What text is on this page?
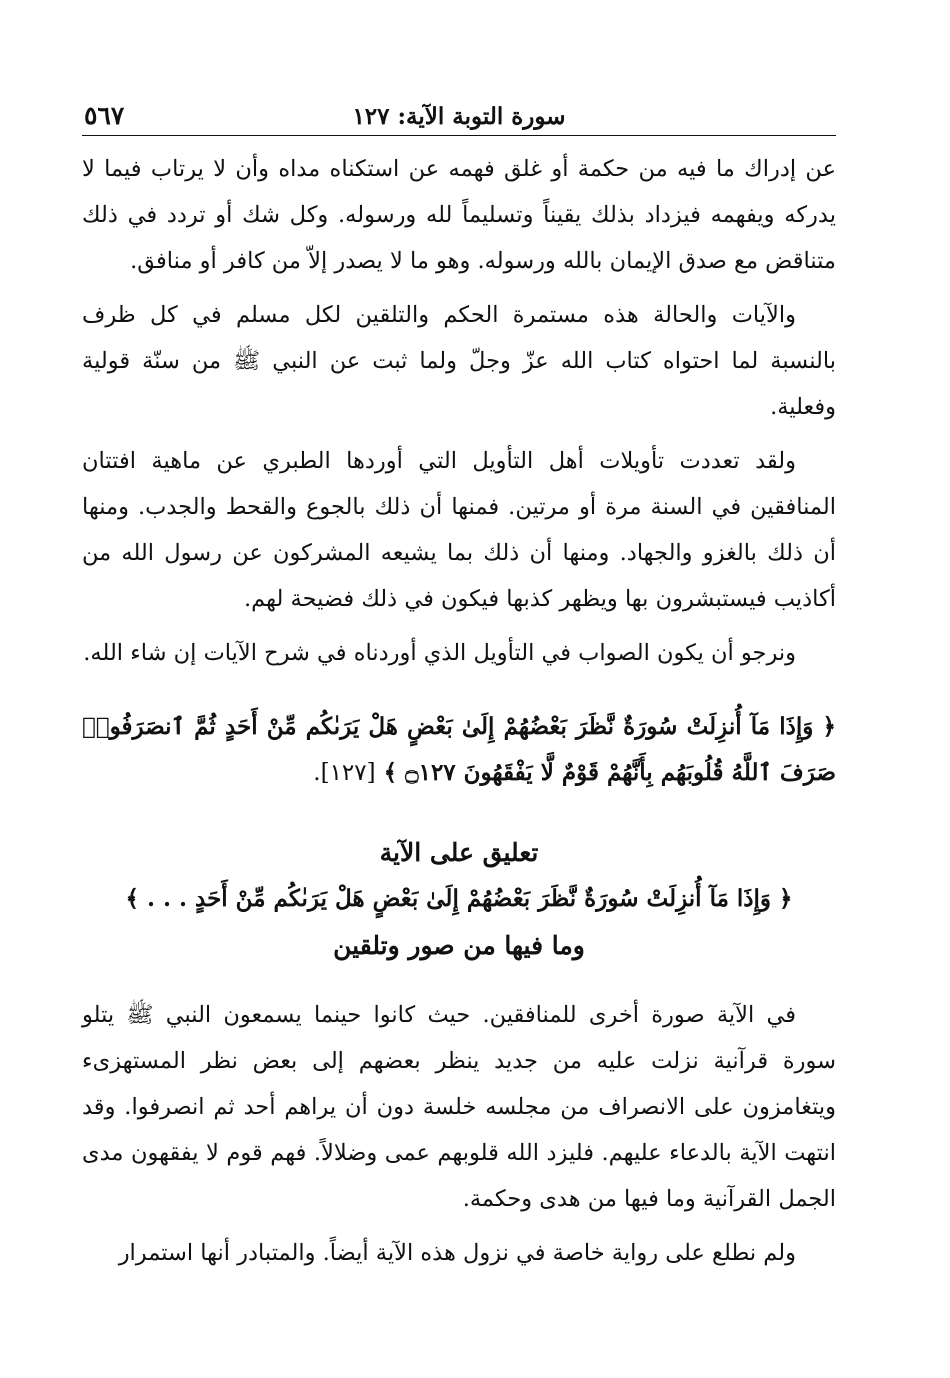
سورة التوبة الآية: ١٢٧
٥٦٧

عن إدراك ما فيه من حكمة أو غلق فهمه عن استكناه مداه وأن لا يرتاب فيما لا يدركه ويفهمه فيزداد بذلك يقيناً وتسليماً لله ورسوله. وكل شك أو تردد في ذلك متناقض مع صدق الإيمان بالله ورسوله. وهو ما لا يصدر إلاّ من كافر أو منافق.

والآيات والحالة هذه مستمرة الحكم والتلقين لكل مسلم في كل ظرف بالنسبة لما احتواه كتاب الله عزّ وجلّ ولما ثبت عن النبي ﷺ من سنّة قولية وفعلية.

ولقد تعددت تأويلات أهل التأويل التي أوردها الطبري عن ماهية افتتان المنافقين في السنة مرة أو مرتين. فمنها أن ذلك بالجوع والقحط والجدب. ومنها أن ذلك بالغزو والجهاد. ومنها أن ذلك بما يشيعه المشركون عن رسول الله من أكاذيب فيستبشرون بها ويظهر كذبها فيكون في ذلك فضيحة لهم.

ونرجو أن يكون الصواب في التأويل الذي أوردناه في شرح الآيات إن شاء الله.

﴿ وَإِذَا مَآ أُنزِلَتْ سُورَةٌ نَّظَرَ بَعْضُهُمْ إِلَىٰ بَعْضٍ هَلْ يَرَىٰكُم مِّنْ أَحَدٍ ثُمَّ ٱنصَرَفُوا۟ صَرَفَ ٱللَّهُ قُلُوبَهُم بِأَنَّهُمْ قَوْمٌ لَّا يَفْقَهُونَ ۝١٢٧ ﴾ [١٢٧].

تعليق على الآية

﴿ وَإِذَا مَآ أُنزِلَتْ سُورَةٌ نَّظَرَ بَعْضُهُمْ إِلَىٰ بَعْضٍ هَلْ يَرَىٰكُم مِّنْ أَحَدٍ . . . ﴾

وما فيها من صور وتلقين

في الآية صورة أخرى للمنافقين. حيث كانوا حينما يسمعون النبي ﷺ يتلو سورة قرآنية نزلت عليه من جديد ينظر بعضهم إلى بعض نظر المستهزىء ويتغامزون على الانصراف من مجلسه خلسة دون أن يراهم أحد ثم انصرفوا. وقد انتهت الآية بالدعاء عليهم. فليزد الله قلوبهم عمى وضلالاً. فهم قوم لا يفقهون مدى الجمل القرآنية وما فيها من هدى وحكمة.

ولم نطلع على رواية خاصة في نزول هذه الآية أيضاً. والمتبادر أنها استمرار
